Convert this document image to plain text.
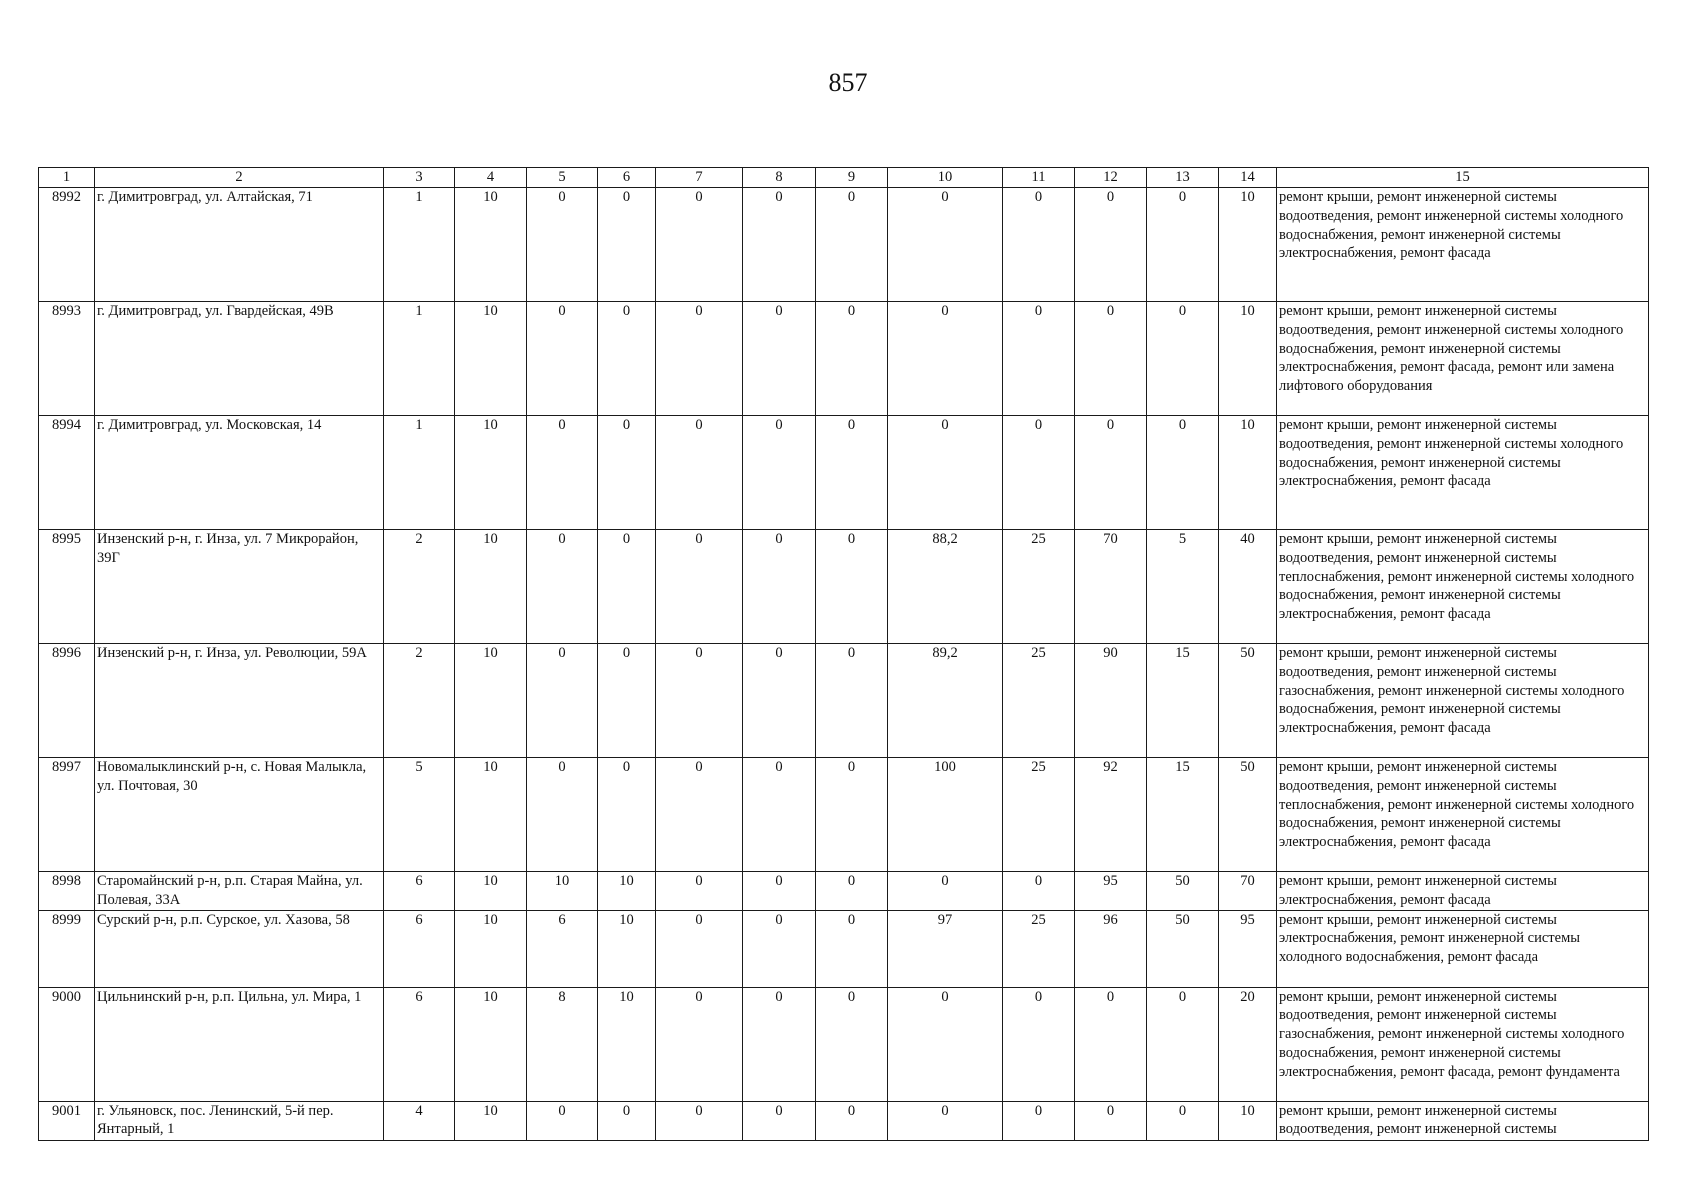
857
1	2	3	4	5	6	7	8	9	10	11	12	13	14	15
8992	г. Димитровград, ул. Алтайская, 71	1	10	0	0	0	0	0	0	0	0	0	10	ремонт крыши, ремонт инженерной системы водоотведения, ремонт инженерной системы холодного водоснабжения, ремонт инженерной системы электроснабжения, ремонт фасада
8993	г. Димитровград, ул. Гвардейская, 49В	1	10	0	0	0	0	0	0	0	0	0	10	ремонт крыши, ремонт инженерной системы водоотведения, ремонт инженерной системы холодного водоснабжения, ремонт инженерной системы электроснабжения, ремонт фасада, ремонт или замена лифтового оборудования
8994	г. Димитровград, ул. Московская, 14	1	10	0	0	0	0	0	0	0	0	0	10	ремонт крыши, ремонт инженерной системы водоотведения, ремонт инженерной системы холодного водоснабжения, ремонт инженерной системы электроснабжения, ремонт фасада
8995	Инзенский р-н, г. Инза, ул. 7 Микрорайон, 39Г	2	10	0	0	0	0	0	88,2	25	70	5	40	ремонт крыши, ремонт инженерной системы водоотведения, ремонт инженерной системы теплоснабжения, ремонт инженерной системы холодного водоснабжения, ремонт инженерной системы электроснабжения, ремонт фасада
8996	Инзенский р-н, г. Инза, ул. Революции, 59А	2	10	0	0	0	0	0	89,2	25	90	15	50	ремонт крыши, ремонт инженерной системы водоотведения, ремонт инженерной системы газоснабжения, ремонт инженерной системы холодного водоснабжения, ремонт инженерной системы электроснабжения, ремонт фасада
8997	Новомалыклинский р-н, с. Новая Малыкла, ул. Почтовая, 30	5	10	0	0	0	0	0	100	25	92	15	50	ремонт крыши, ремонт инженерной системы водоотведения, ремонт инженерной системы теплоснабжения, ремонт инженерной системы холодного водоснабжения, ремонт инженерной системы электроснабжения, ремонт фасада
8998	Старомайнский р-н, р.п. Старая Майна, ул. Полевая, 33А	6	10	10	10	0	0	0	0	0	95	50	70	ремонт крыши, ремонт инженерной системы электроснабжения, ремонт фасада
8999	Сурский р-н, р.п. Сурское, ул. Хазова, 58	6	10	6	10	0	0	0	97	25	96	50	95	ремонт крыши, ремонт инженерной системы электроснабжения, ремонт инженерной системы холодного водоснабжения, ремонт фасада
9000	Цильнинский р-н, р.п. Цильна, ул. Мира, 1	6	10	8	10	0	0	0	0	0	0	0	20	ремонт крыши, ремонт инженерной системы водоотведения, ремонт инженерной системы газоснабжения, ремонт инженерной системы холодного водоснабжения, ремонт инженерной системы электроснабжения, ремонт фасада, ремонт фундамента
9001	г. Ульяновск, пос. Ленинский, 5-й пер. Янтарный, 1	4	10	0	0	0	0	0	0	0	0	0	10	ремонт крыши, ремонт инженерной системы водоотведения, ремонт инженерной системы
